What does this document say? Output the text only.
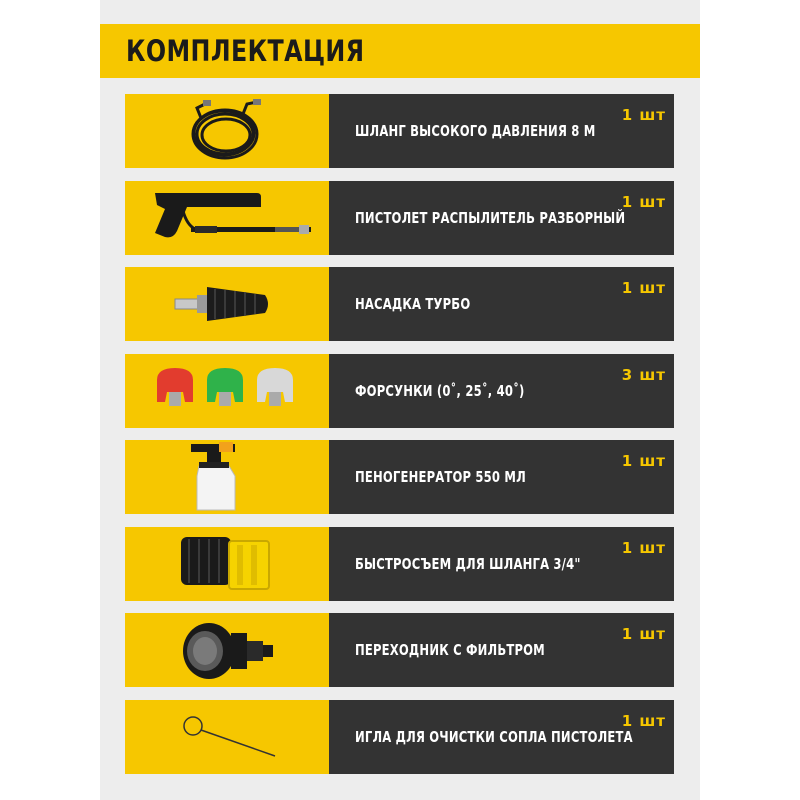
КОМПЛЕКТАЦИЯ
ШЛАНГ ВЫСОКОГО ДАВЛЕНИЯ 8 М
1 шт
ПИСТОЛЕТ РАСПЫЛИТЕЛЬ РАЗБОРНЫЙ
1 шт
НАСАДКА ТУРБО
1 шт
ФОРСУНКИ (0˚, 25˚, 40˚)
3 шт
ПЕНОГЕНЕРАТОР 550 МЛ
1 шт
БЫСТРОСЪЕМ ДЛЯ ШЛАНГА 3/4"
1 шт
ПЕРЕХОДНИК С ФИЛЬТРОМ
1 шт
ИГЛА ДЛЯ ОЧИСТКИ СОПЛА ПИСТОЛЕТА
1 шт
